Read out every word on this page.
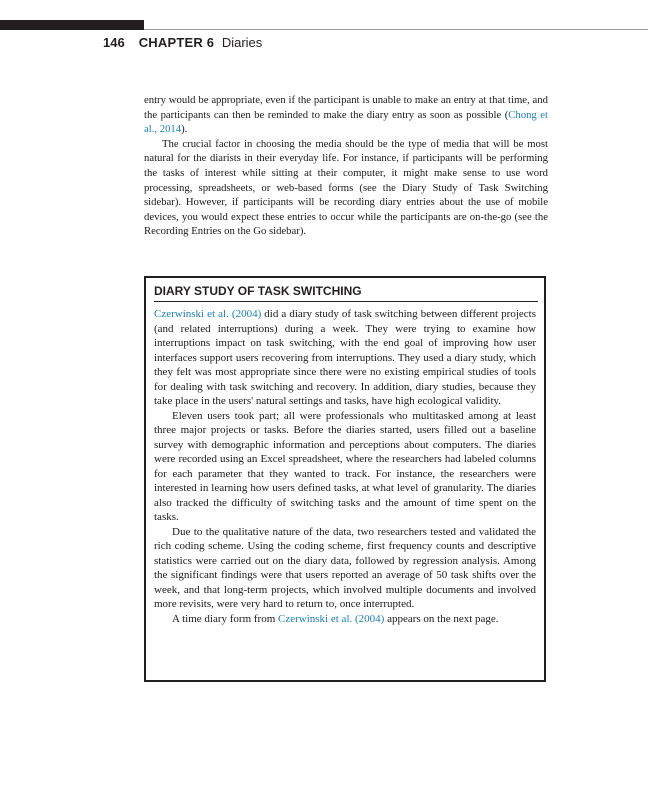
146 CHAPTER 6 Diaries

entry would be appropriate, even if the participant is unable to make an entry at that time, and the participants can then be reminded to make the diary entry as soon as possible (Chong et al., 2014).

The crucial factor in choosing the media should be the type of media that will be most natural for the diarists in their everyday life. For instance, if participants will be performing the tasks of interest while sitting at their computer, it might make sense to use word processing, spreadsheets, or web-based forms (see the Diary Study of Task Switching sidebar). However, if participants will be recording diary entries about the use of mobile devices, you would expect these entries to occur while the participants are on-the-go (see the Recording Entries on the Go sidebar).

DIARY STUDY OF TASK SWITCHING

Czerwinski et al. (2004) did a diary study of task switching between different projects (and related interruptions) during a week. They were trying to examine how interruptions impact on task switching, with the end goal of improving how user interfaces support users recovering from interruptions. They used a diary study, which they felt was most appropriate since there were no existing empirical studies of tools for dealing with task switching and recovery. In addition, diary studies, because they take place in the users' natural settings and tasks, have high ecological validity.

Eleven users took part; all were professionals who multitasked among at least three major projects or tasks. Before the diaries started, users filled out a baseline survey with demographic information and perceptions about computers. The diaries were recorded using an Excel spreadsheet, where the researchers had labeled columns for each parameter that they wanted to track. For instance, the researchers were interested in learning how users defined tasks, at what level of granularity. The diaries also tracked the difficulty of switching tasks and the amount of time spent on the tasks.

Due to the qualitative nature of the data, two researchers tested and validated the rich coding scheme. Using the coding scheme, first frequency counts and descriptive statistics were carried out on the diary data, followed by regression analysis. Among the significant findings were that users reported an average of 50 task shifts over the week, and that long-term projects, which involved multiple documents and involved more revisits, were very hard to return to, once interrupted.

A time diary form from Czerwinski et al. (2004) appears on the next page.
